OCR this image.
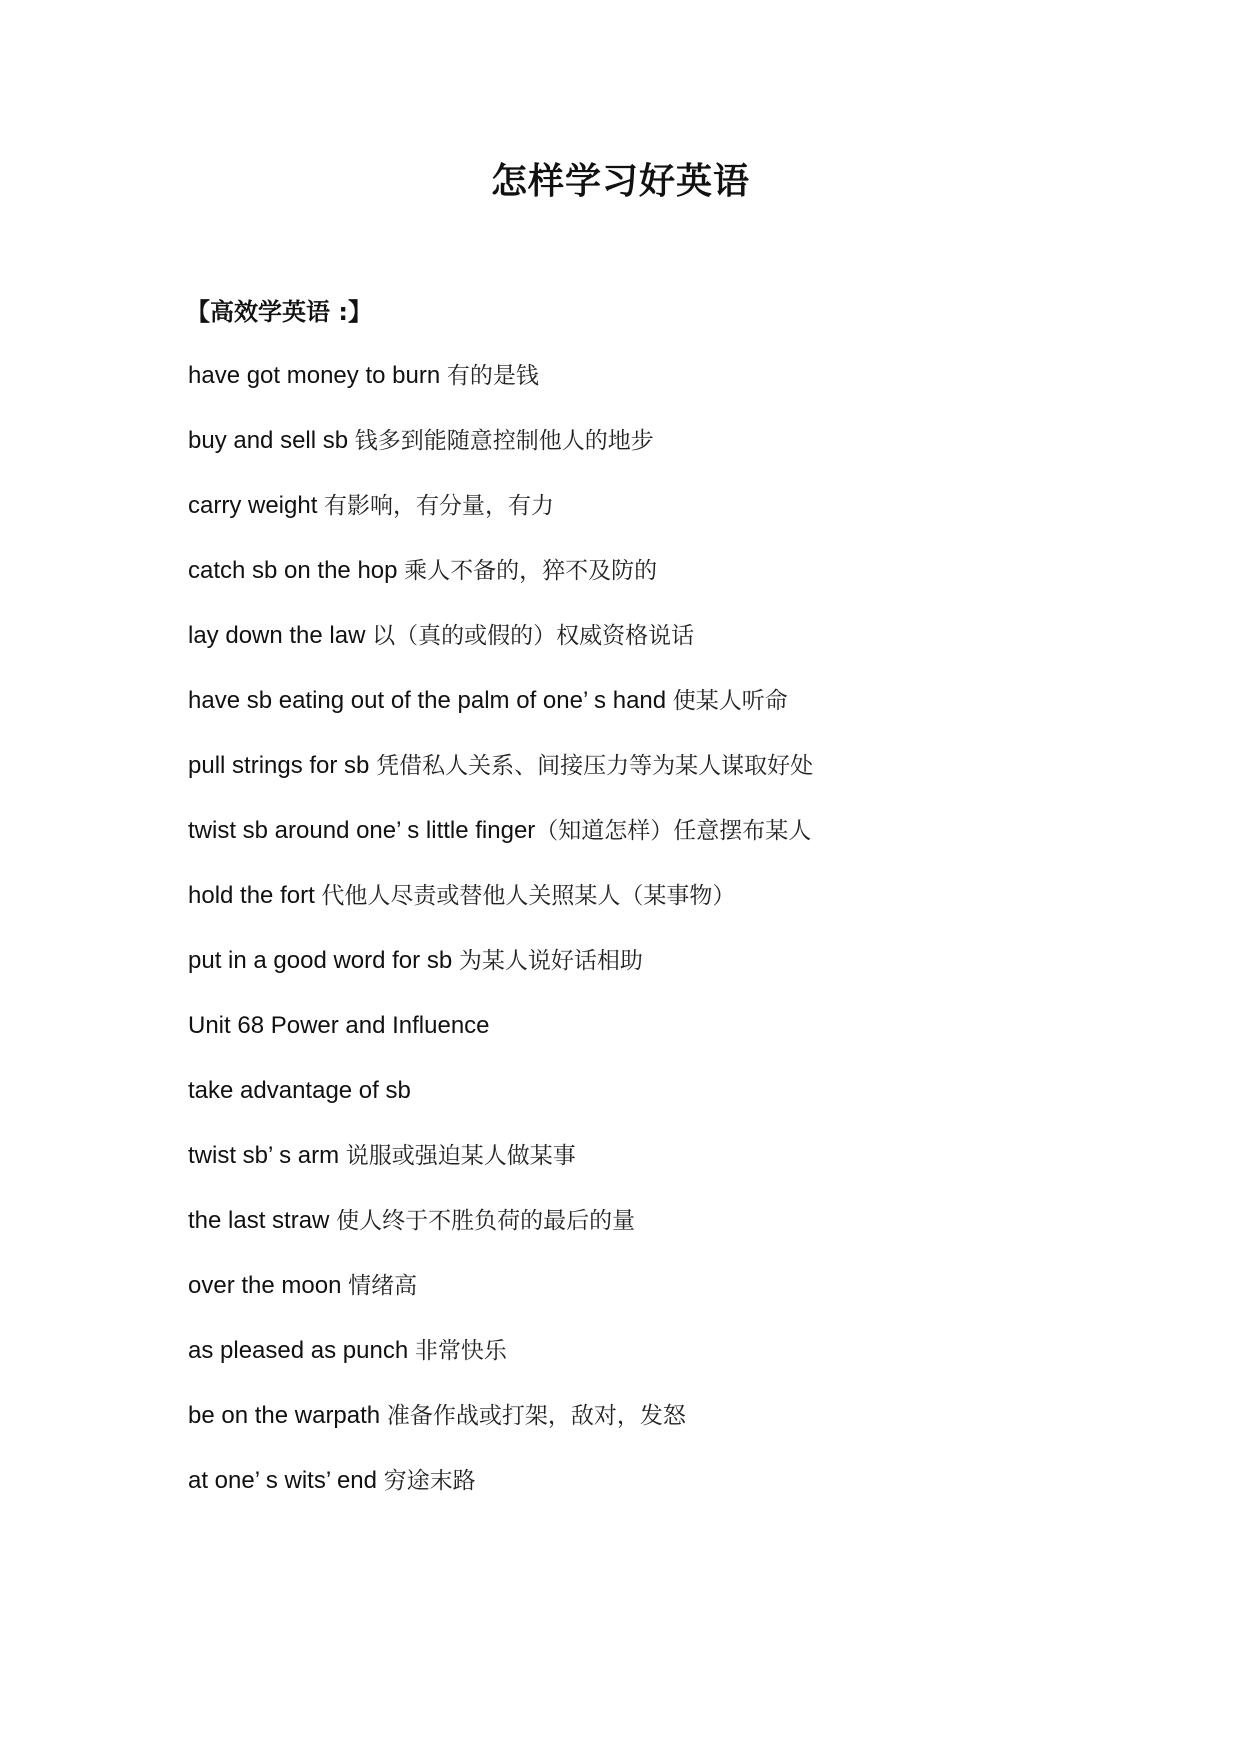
怎样学习好英语
【高效学英语 :】
have got money to burn 有的是钱
buy and sell sb 钱多到能随意控制他人的地步
carry weight 有影响，有分量，有力
catch sb on the hop 乘人不备的，猝不及防的
lay down the law 以（真的或假的）权威资格说话
have sb eating out of the palm of one’ s hand 使某人听命
pull strings for sb 凭借私人关系、间接压力等为某人谋取好处
twist sb around one’ s little finger（知道怎样）任意摆布某人
hold the fort 代他人尽责或替他人关照某人（某事物）
put in a good word for sb 为某人说好话相助
Unit 68 Power and Influence
take advantage of sb
twist sb’ s arm 说服或强迫某人做某事
the last straw 使人终于不胜负荷的最后的量
over the moon 情绪高
as pleased as punch 非常快乐
be on the warpath 准备作战或打架，敌对，发怒
at one’ s wits’ end 穷途末路
